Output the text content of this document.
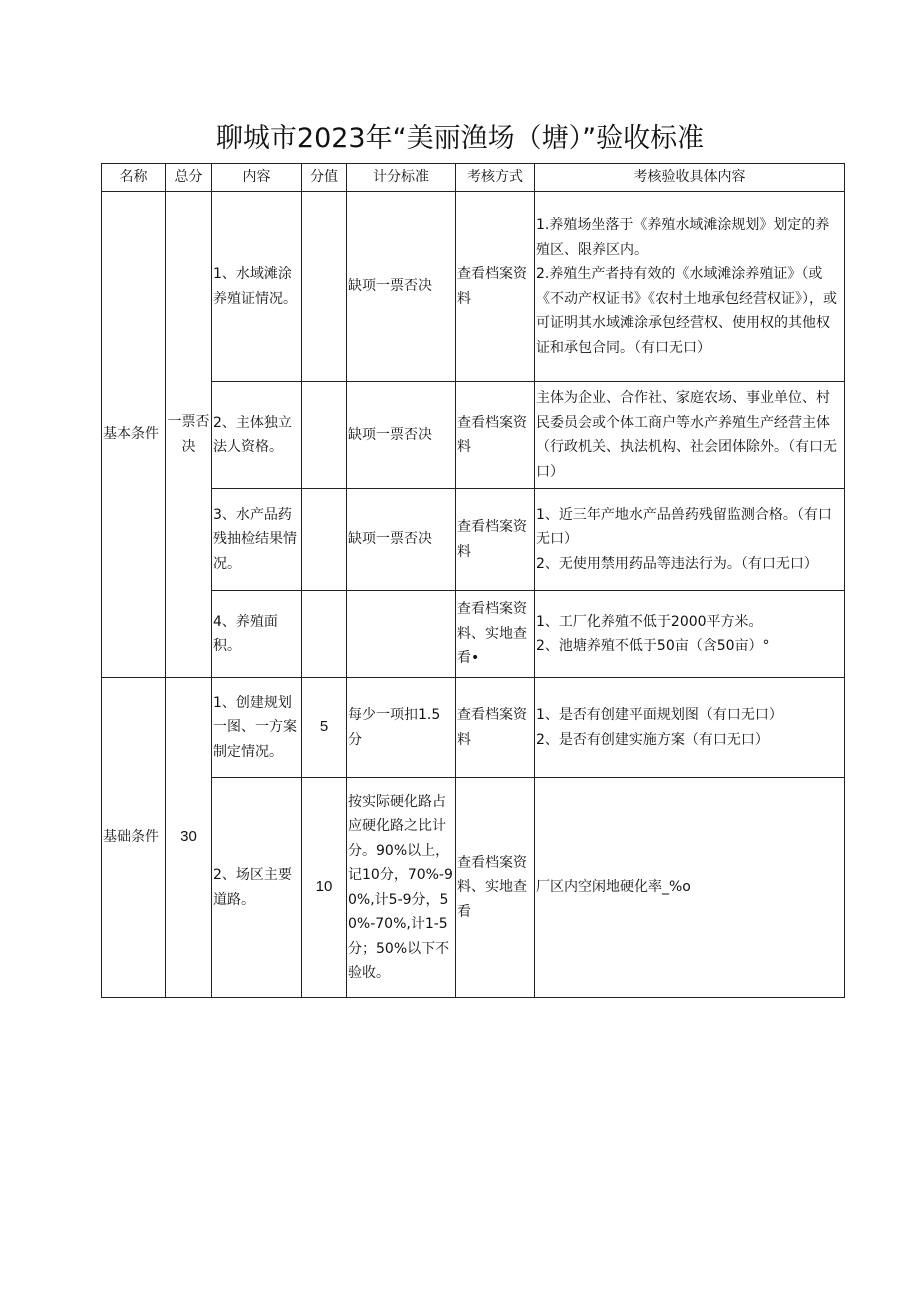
聊城市2023年“美丽渔场（塘）”验收标准
名称	总分	内容	分值	计分标准	考核方式	考核验收具体内容
基本条件	一票否决	1、水域滩涂养殖证情况。		缺项一票否决	查看档案资料	1.养殖场坐落于《养殖水域滩涂规划》划定的养殖区、限养区内。
2.养殖生产者持有效的《水域滩涂养殖证》（或《不动产权证书》《农村土地承包经营权证》），或可证明其水域滩涂承包经营权、使用权的其他权证和承包合同。（有口无口）

		2、主体独立法人资格。		缺项一票否决	查看档案资料	主体为企业、合作社、家庭农场、事业单位、村民委员会或个体工商户等水产养殖生产经营主体（行政机关、执法机构、社会团体除外。（有口无口）

		3、水产品药残抽检结果情况。		缺项一票否决	查看档案资料	1、近三年产地水产品兽药残留监测合格。（有口无口）
2、无使用禁用药品等违法行为。（有口无口）

		4、养殖面积。			查看档案资料、实地查看•	1、工厂化养殖不低于2000平方米。
2、池塘养殖不低于50亩（含50亩）°

基础条件	30	1、创建规划一图、一方案制定情况。	5	每少一项扣1.5分	查看档案资料	1、是否有创建平面规划图（有口无口）
2、是否有创建实施方案（有口无口）

		2、场区主要道路。	10	按实际硬化路占应硬化路之比计分。90%以上，记10分，70%-90%,计5-9分，50%-70%,计1-5分；50%以下不验收。	查看档案资料、实地查看	厂区内空闲地硬化率_%o
